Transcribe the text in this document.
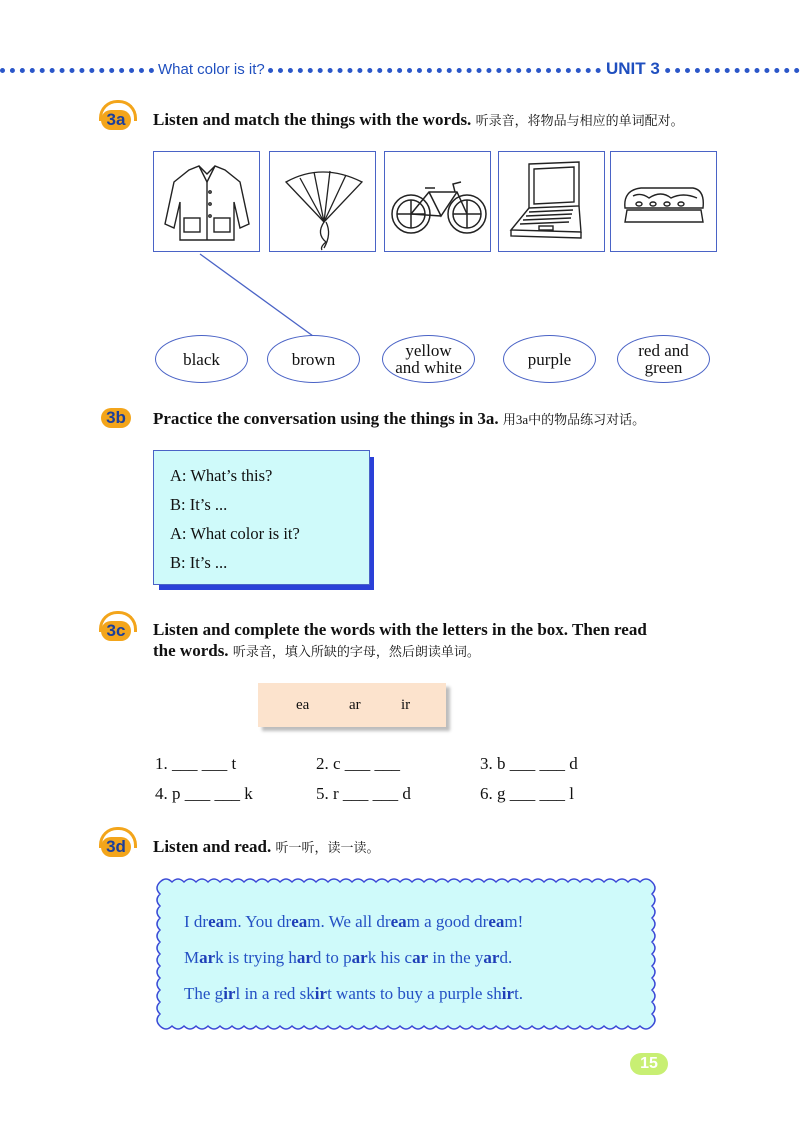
What color is it?	UNIT 3
3a	Listen and match the things with the words. 听录音，将物品与相应的单词配对。
black	brown	yellow and white	purple	red and green
3b Practice the conversation using the things in 3a. 用3a中的物品练习对话。
A: What’s this?
B: It’s ...
A: What color is it?
B: It’s ...
3c	Listen and complete the words with the letters in the box. Then read
the words. 听录音，填入所缺的字母，然后朗读单词。
ea	ar	ir
1. ___ ___ t	2. c ___ ___	3. b ___ ___ d
4. p ___ ___ k	5. r ___ ___ d	6. g ___ ___ l
3d Listen and read. 听一听，读一读。
I dream. You dream. We all dream a good dream!
Mark is trying hard to park his car in the yard.
The girl in a red skirt wants to buy a purple shirt.
15
